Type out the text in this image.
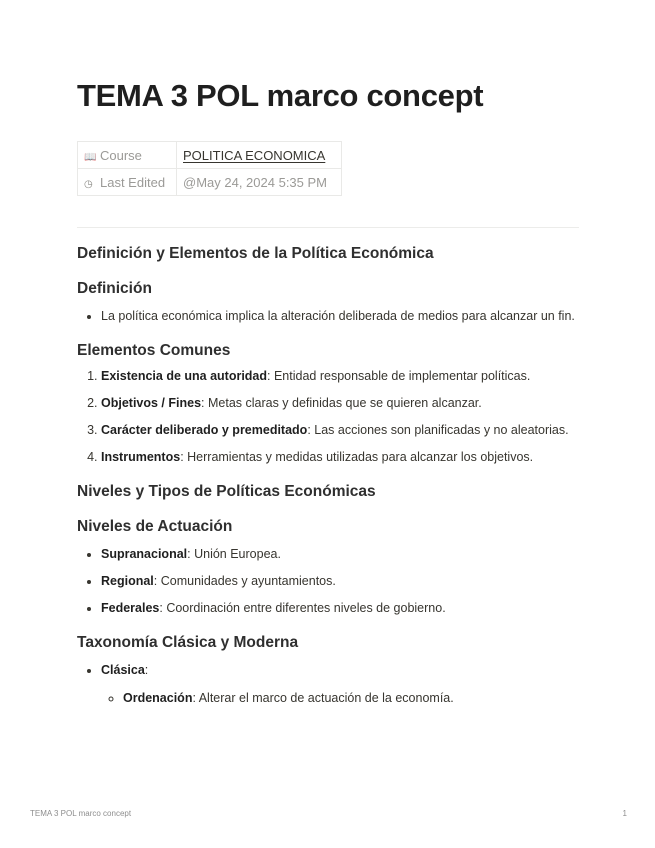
TEMA 3 POL marco concept
📖 Course	POLITICA ECONOMICA
◷ Last Edited	@May 24, 2024 5:35 PM
Definición y Elementos de la Política Económica
Definición
• La política económica implica la alteración deliberada de medios para alcanzar un fin.
Elementos Comunes
1. Existencia de una autoridad: Entidad responsable de implementar políticas.
2. Objetivos / Fines: Metas claras y definidas que se quieren alcanzar.
3. Carácter deliberado y premeditado: Las acciones son planificadas y no aleatorias.
4. Instrumentos: Herramientas y medidas utilizadas para alcanzar los objetivos.
Niveles y Tipos de Políticas Económicas
Niveles de Actuación
• Supranacional: Unión Europea.
• Regional: Comunidades y ayuntamientos.
• Federales: Coordinación entre diferentes niveles de gobierno.
Taxonomía Clásica y Moderna
• Clásica:
◦ Ordenación: Alterar el marco de actuación de la economía.
TEMA 3 POL marco concept	1
